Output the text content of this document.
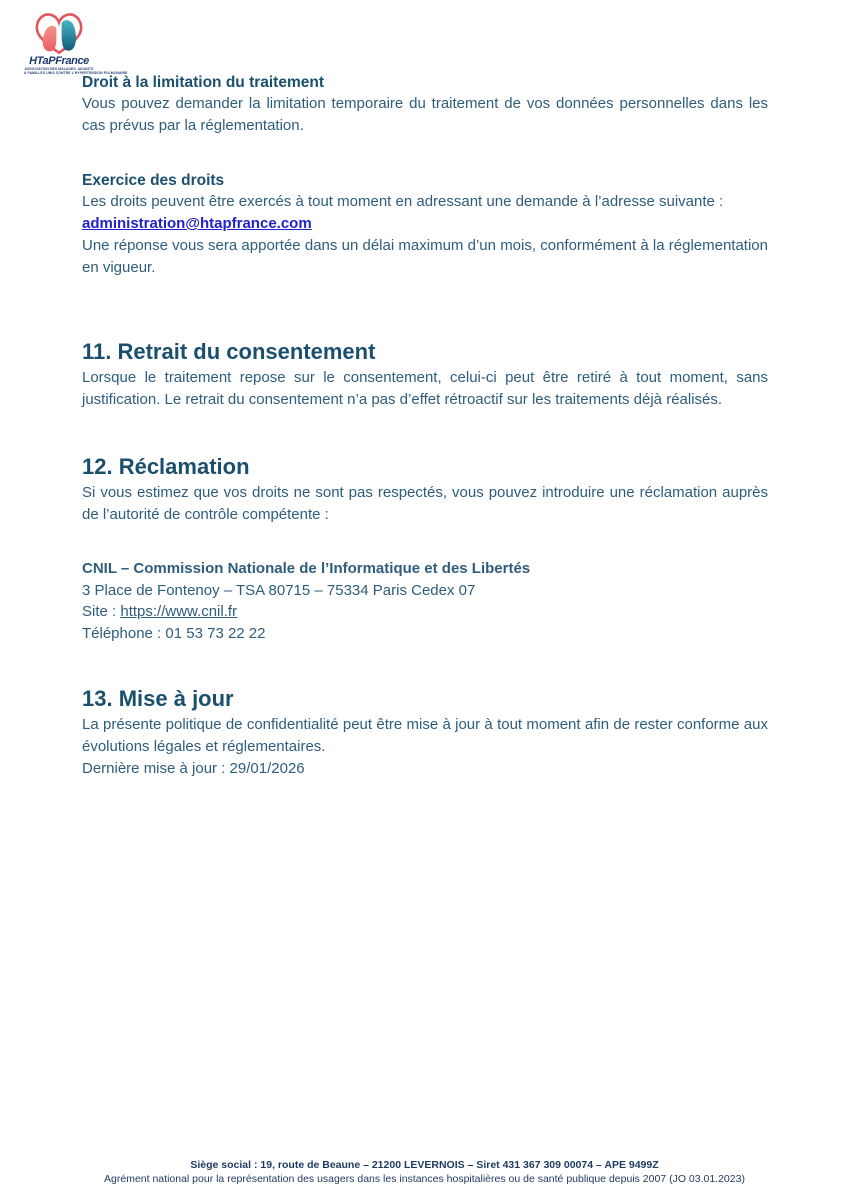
HTaPFrance
ASSOCIATION DES MALADES, AIDANTS
& FAMILLES UNIS CONTRE L’HYPERTENSION PULMONAIRE
Droit à la limitation du traitement

Vous pouvez demander la limitation temporaire du traitement de vos données personnelles dans les cas prévus par la réglementation.

Exercice des droits

Les droits peuvent être exercés à tout moment en adressant une demande à l’adresse suivante :
administration@htapfrance.com

Une réponse vous sera apportée dans un délai maximum d’un mois, conformément à la réglementation en vigueur.

11. Retrait du consentement

Lorsque le traitement repose sur le consentement, celui-ci peut être retiré à tout moment, sans justification. Le retrait du consentement n’a pas d’effet rétroactif sur les traitements déjà réalisés.

12. Réclamation

Si vous estimez que vos droits ne sont pas respectés, vous pouvez introduire une réclamation auprès de l’autorité de contrôle compétente :

CNIL – Commission Nationale de l’Informatique et des Libertés
3 Place de Fontenoy – TSA 80715 – 75334 Paris Cedex 07
Site : https://www.cnil.fr
Téléphone : 01 53 73 22 22
13. Mise à jour

La présente politique de confidentialité peut être mise à jour à tout moment afin de rester conforme aux évolutions légales et réglementaires.

Dernière mise à jour : 29/01/2026

Siège social : 19, route de Beaune – 21200 LEVERNOIS – Siret 431 367 309 00074 – APE 9499Z
Agrément national pour la représentation des usagers dans les instances hospitalières ou de santé publique depuis 2007 (JO 03.01.2023)
